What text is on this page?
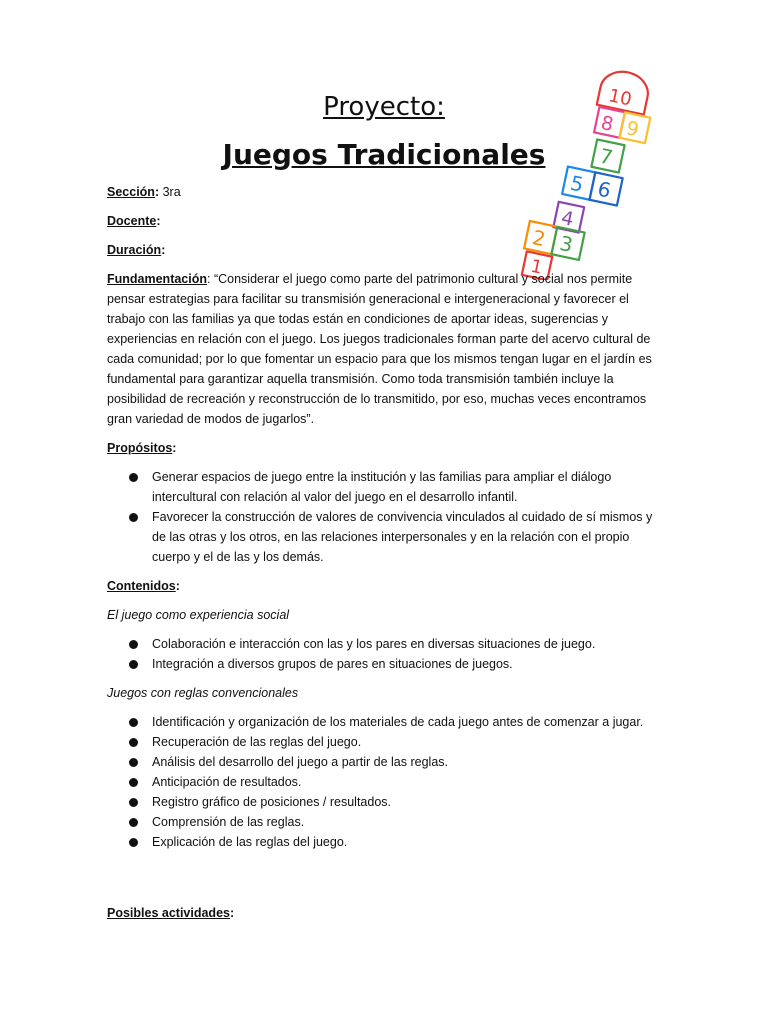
Proyecto:
Juegos Tradicionales
10
8 9
7
5 6
4
2 3
1
Sección: 3ra
Docente:
Duración:
Fundamentación: “Considerar el juego como parte del patrimonio cultural y social nos permite pensar estrategias para facilitar su transmisión generacional e intergeneracional y favorecer el trabajo con las familias ya que todas están en condiciones de aportar ideas, sugerencias y experiencias en relación con el juego. Los juegos tradicionales forman parte del acervo cultural de cada comunidad; por lo que fomentar un espacio para que los mismos tengan lugar en el jardín es fundamental para garantizar aquella transmisión. Como toda transmisión también incluye la posibilidad de recreación y reconstrucción de lo transmitido, por eso, muchas veces encontramos gran variedad de modos de jugarlos”.
Propósitos:
Generar espacios de juego entre la institución y las familias para ampliar el diálogo intercultural con relación al valor del juego en el desarrollo infantil.
Favorecer la construcción de valores de convivencia vinculados al cuidado de sí mismos y de las otras y los otros, en las relaciones interpersonales y en la relación con el propio cuerpo y el de las y los demás.
Contenidos:
El juego como experiencia social
Colaboración e interacción con las y los pares en diversas situaciones de juego.
Integración a diversos grupos de pares en situaciones de juegos.
Juegos con reglas convencionales
Identificación y organización de los materiales de cada juego antes de comenzar a jugar.
Recuperación de las reglas del juego.
Análisis del desarrollo del juego a partir de las reglas.
Anticipación de resultados.
Registro gráfico de posiciones / resultados.
Comprensión de las reglas.
Explicación de las reglas del juego.
Posibles actividades:
